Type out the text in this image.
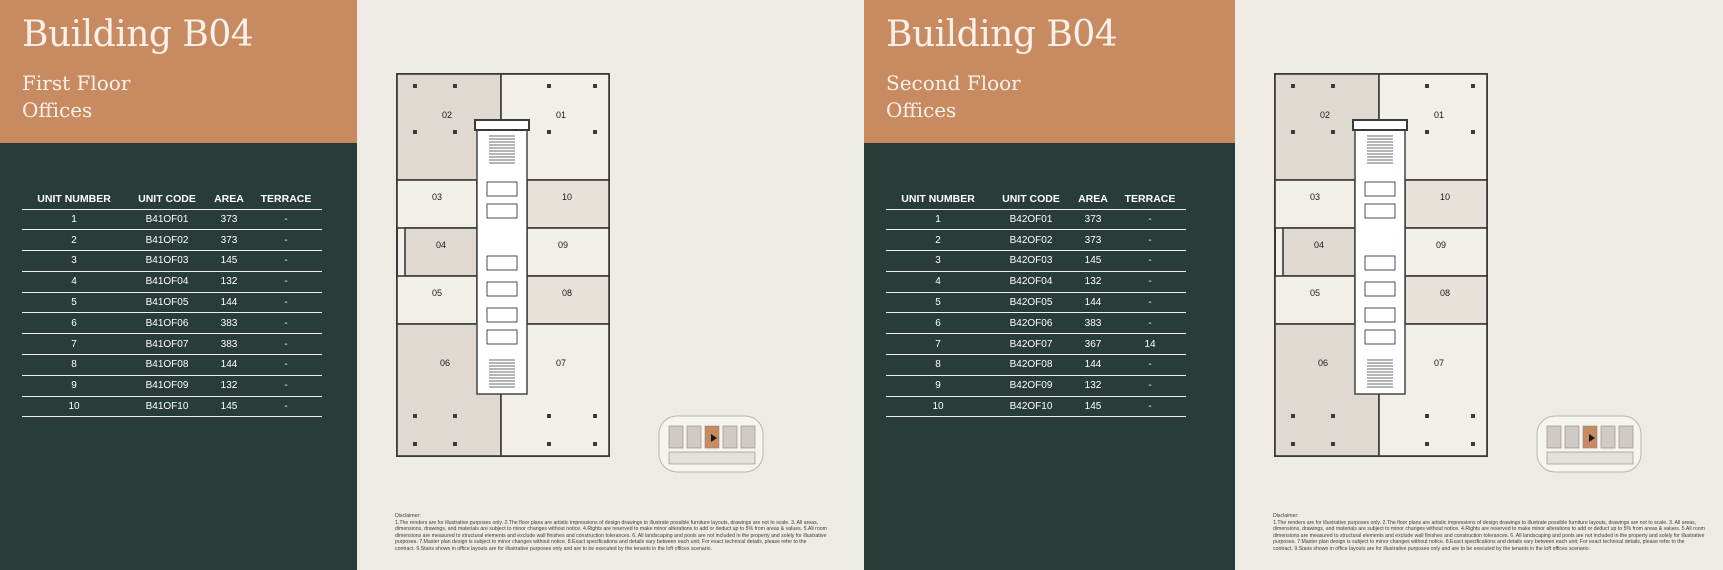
Building B04
First Floor
Offices
UNIT NUMBER	UNIT CODE	AREA	TERRACE
1	B41OF01	373	-
2	B41OF02	373	-
3	B41OF03	145	-
4	B41OF04	132	-
5	B41OF05	144	-
6	B41OF06	383	-
7	B41OF07	383	-
8	B41OF08	144	-
9	B41OF09	132	-
10	B41OF10	145	-
02	01
03	10
04	09
05	08
06	07
Disclaimer:
1.The renders are for illustrative purposes only. 2.The floor plans are artistic impressions of design drawings to illustrate possible furniture layouts, drawings are not to scale. 3. All areas, dimensions, drawings, and materials are subject to minor changes without notice. 4.Rights are reserved to make minor alterations to add or deduct up to 5% from areas & values. 5.All room dimensions are measured to structural elements and exclude wall finishes and construction tolerances. 6. All landscaping and pools are not included in the property and solely for illustrative purposes. 7.Master plan design is subject to minor changes without notice. 8.Exact specifications and details vary between each unit; For exact technical details, please refer to the contract. 9.Stairs shown in office layouts are for illustrative purposes only and are to be executed by the tenants in the loft offices scenario.
Building B04
Second Floor
Offices
UNIT NUMBER	UNIT CODE	AREA	TERRACE
1	B42OF01	373	-
2	B42OF02	373	-
3	B42OF03	145	-
4	B42OF04	132	-
5	B42OF05	144	-
6	B42OF06	383	-
7	B42OF07	367	14
8	B42OF08	144	-
9	B42OF09	132	-
10	B42OF10	145	-
02	01
03	10
04	09
05	08
06	07
Disclaimer:
1.The renders are for illustrative purposes only. 2.The floor plans are artistic impressions of design drawings to illustrate possible furniture layouts, drawings are not to scale. 3. All areas, dimensions, drawings, and materials are subject to minor changes without notice. 4.Rights are reserved to make minor alterations to add or deduct up to 5% from areas & values. 5.All room dimensions are measured to structural elements and exclude wall finishes and construction tolerances. 6. All landscaping and pools are not included in the property and solely for illustrative purposes. 7.Master plan design is subject to minor changes without notice. 8.Exact specifications and details vary between each unit; For exact technical details, please refer to the contract. 9.Stairs shown in office layouts are for illustrative purposes only and are to be executed by the tenants in the loft offices scenario.
